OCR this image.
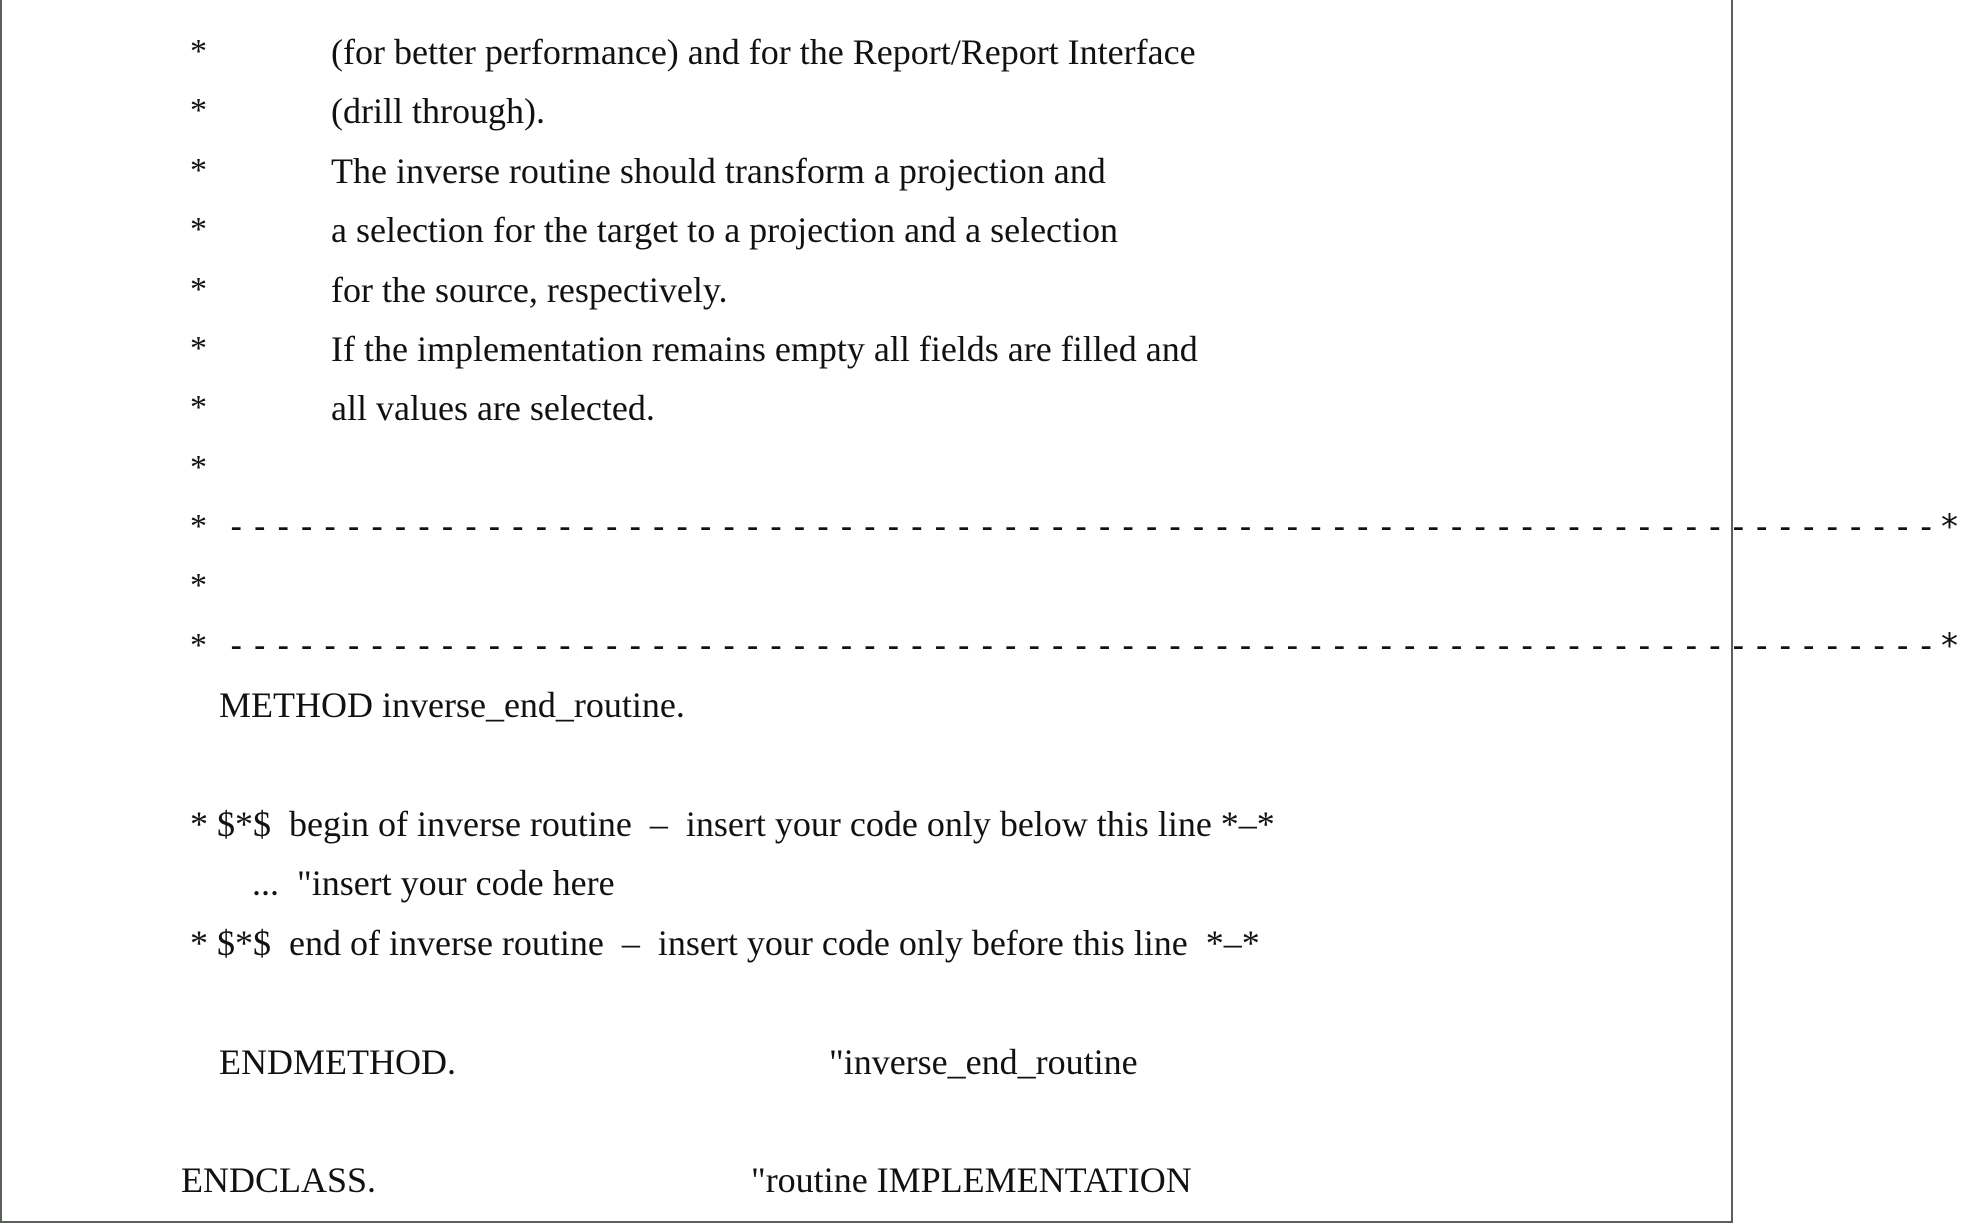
*
*
*
*
*
*
*
*
*
*
*
(for better performance) and for the Report/Report Interface
(drill through).
The inverse routine should transform a projection and
a selection for the target to a projection and a selection
for the source, respectively.
If the implementation remains empty all fields are filled and
all values are selected.
-------------------------------------------------------------------------*
-------------------------------------------------------------------------*
METHOD inverse_end_routine.
* $*$  begin of inverse routine  –  insert your code only below this line *–*
...  "insert your code here
* $*$  end of inverse routine  –  insert your code only before this line  *–*
ENDMETHOD.	"inverse_end_routine
ENDCLASS.	"routine IMPLEMENTATION
